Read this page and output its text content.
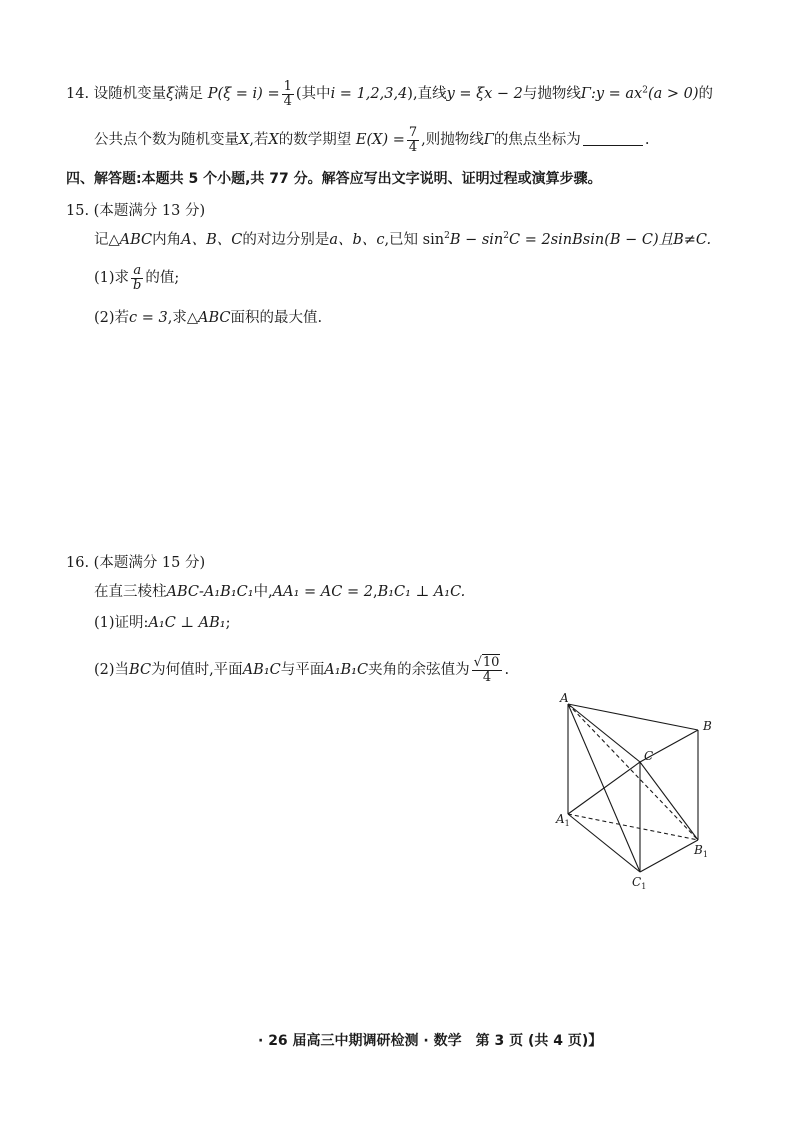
14. 设随机变量ξ满足 $P(\xi = i) = \frac{1}{4}$ (其中i = 1,2,3,4),直线y = ξx − 2与抛物线Γ:y = $ax^2(a > 0)$的
公共点个数为随机变量X,若X的数学期望 $E(X) = \frac{7}{4}$ ,则抛物线Γ的焦点坐标为	.
四、解答题:本题共 5 个小题,共 77 分。解答应写出文字说明、证明过程或演算步骤。
15. (本题满分 13 分)
记△ABC内角A、B、C的对边分别是a、b、c,已知 $\sin^2B - \sin^2C$ = 2sinBsin(B − C)且B≠C.
(1)求 $\frac{a}{b}$ 的值;
(2)若c = 3,求△ABC面积的最大值.
16. (本题满分 15 分)
在直三棱柱ABC-A₁B₁C₁中,AA₁ = AC = 2,B₁C₁ ⊥ A₁C.
(1)证明:A₁C ⊥ AB₁;
(2)当BC为何值时,平面AB₁C与平面A₁B₁C夹角的余弦值为 $\frac{√10}{4}$ .
A
B
C
$A_1$
$B_1$
$C_1$
· 26 届高三中期调研检测 · 数学　第 3 页 (共 4 页)】
